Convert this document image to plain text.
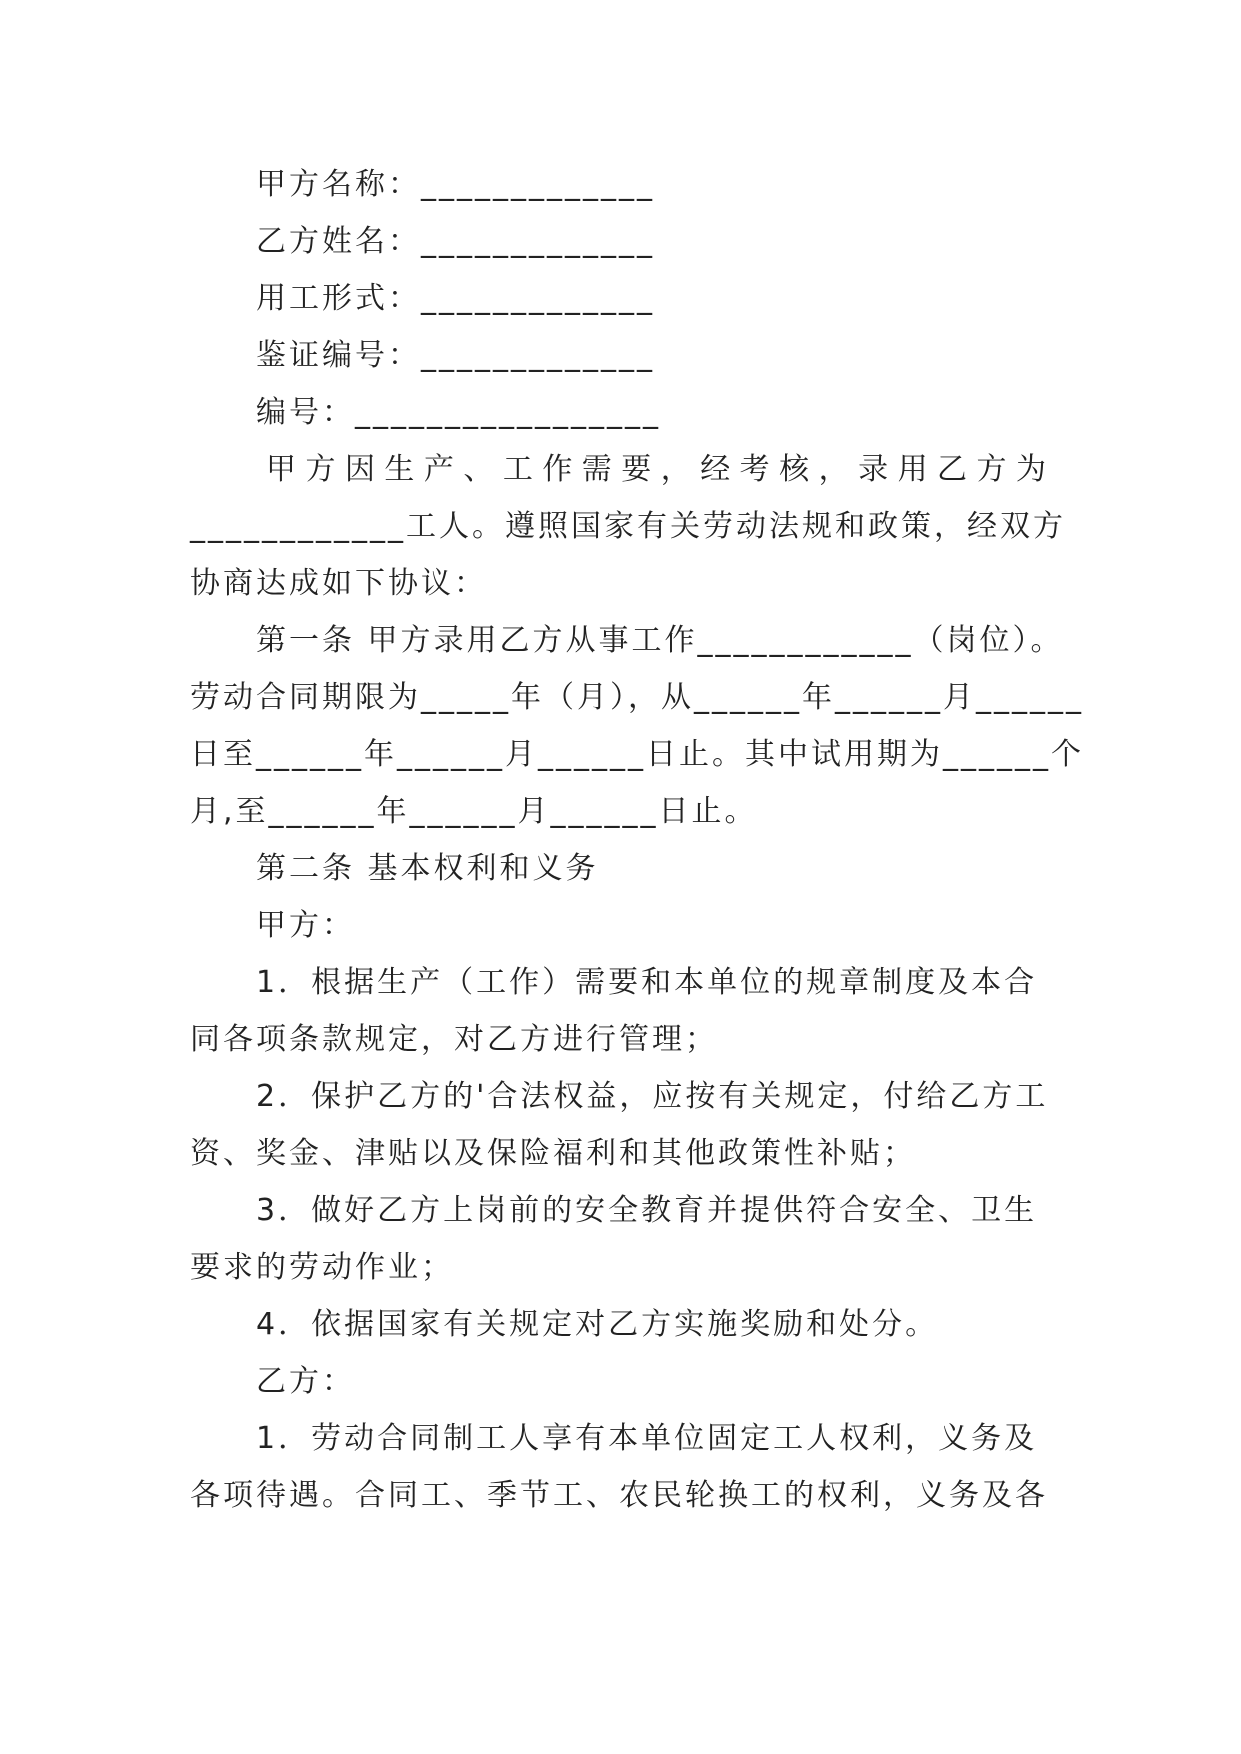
甲方名称：_____________
乙方姓名：_____________
用工形式：_____________
鉴证编号：_____________
编号：_________________
甲方因生产、工作需要，经考核，录用乙方为
____________工人。遵照国家有关劳动法规和政策，经双方
协商达成如下协议：
第一条 甲方录用乙方从事工作____________（岗位）。
劳动合同期限为_____年（月），从______年______月______
日至______年______月______日止。其中试用期为______个
月,至______年______月______日止。
第二条 基本权利和义务
甲方：
1．根据生产（工作）需要和本单位的规章制度及本合
同各项条款规定，对乙方进行管理；
2．保护乙方的'合法权益，应按有关规定，付给乙方工
资、奖金、津贴以及保险福利和其他政策性补贴；
3．做好乙方上岗前的安全教育并提供符合安全、卫生
要求的劳动作业；
4．依据国家有关规定对乙方实施奖励和处分。
乙方：
1．劳动合同制工人享有本单位固定工人权利，义务及
各项待遇。合同工、季节工、农民轮换工的权利，义务及各
